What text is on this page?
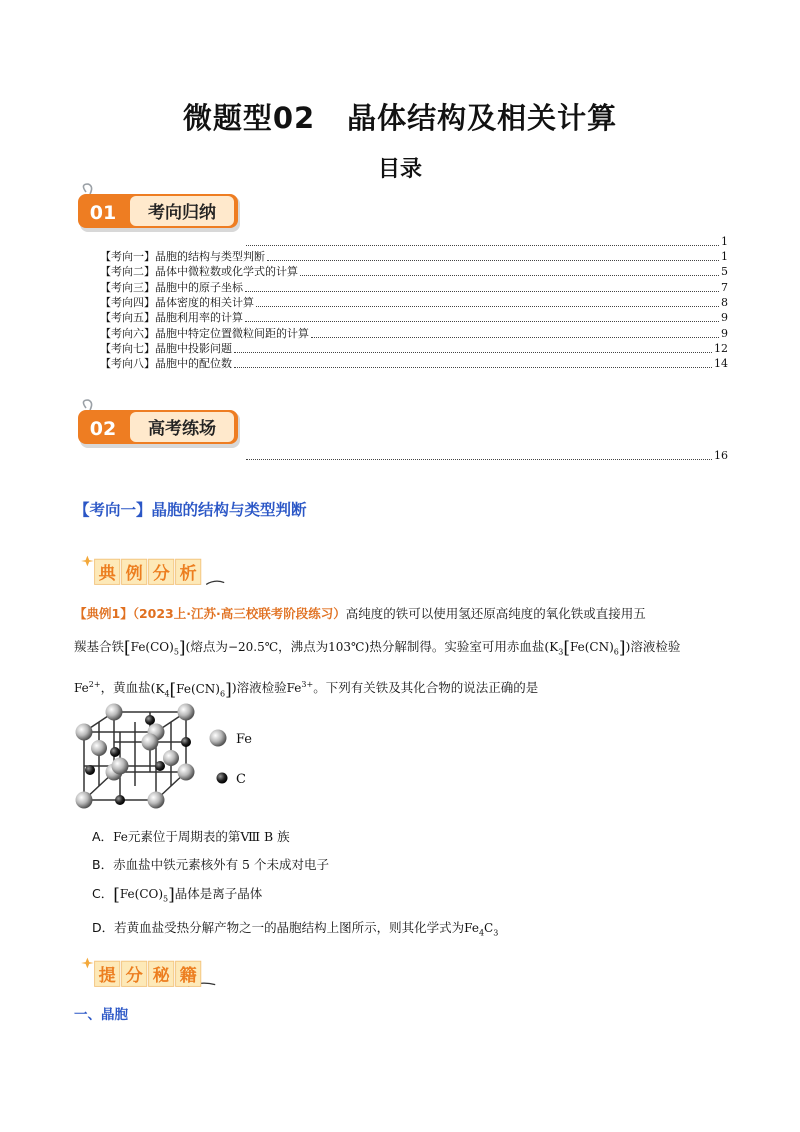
微题型02 晶体结构及相关计算
目录
01 考向归纳
1
【考向一】晶胞的结构与类型判断	1
【考向二】晶体中微粒数或化学式的计算	5
【考向三】晶胞中的原子坐标	7
【考向四】晶体密度的相关计算	8
【考向五】晶胞利用率的计算	9
【考向六】晶胞中特定位置微粒间距的计算	9
【考向七】晶胞中投影问题	12
【考向八】晶胞中的配位数	14
02 高考练场
16
【考向一】晶胞的结构与类型判断
典 例 分 析
【典例1】（2023上·江苏·高三校联考阶段练习）高纯度的铁可以使用氢还原高纯度的氧化铁或直接用五
羰基合铁$[Fe(CO)_5]$(熔点为−20.5℃，沸点为103℃)热分解制得。实验室可用赤血盐$(K_3[Fe(CN)_6])$溶液检验
$Fe^{2+}$，黄血盐$(K_4[Fe(CN)_6])$溶液检验$Fe^{3+}$。下列有关铁及其化合物的说法正确的是
Fe
C
A．Fe元素位于周期表的第Ⅷ B 族
B．赤血盐中铁元素核外有 5 个未成对电子
C．$[Fe(CO)_5]$晶体是离子晶体
D．若黄血盐受热分解产物之一的晶胞结构上图所示，则其化学式为$Fe_4C_3$
提 分 秘 籍
一、晶胞
